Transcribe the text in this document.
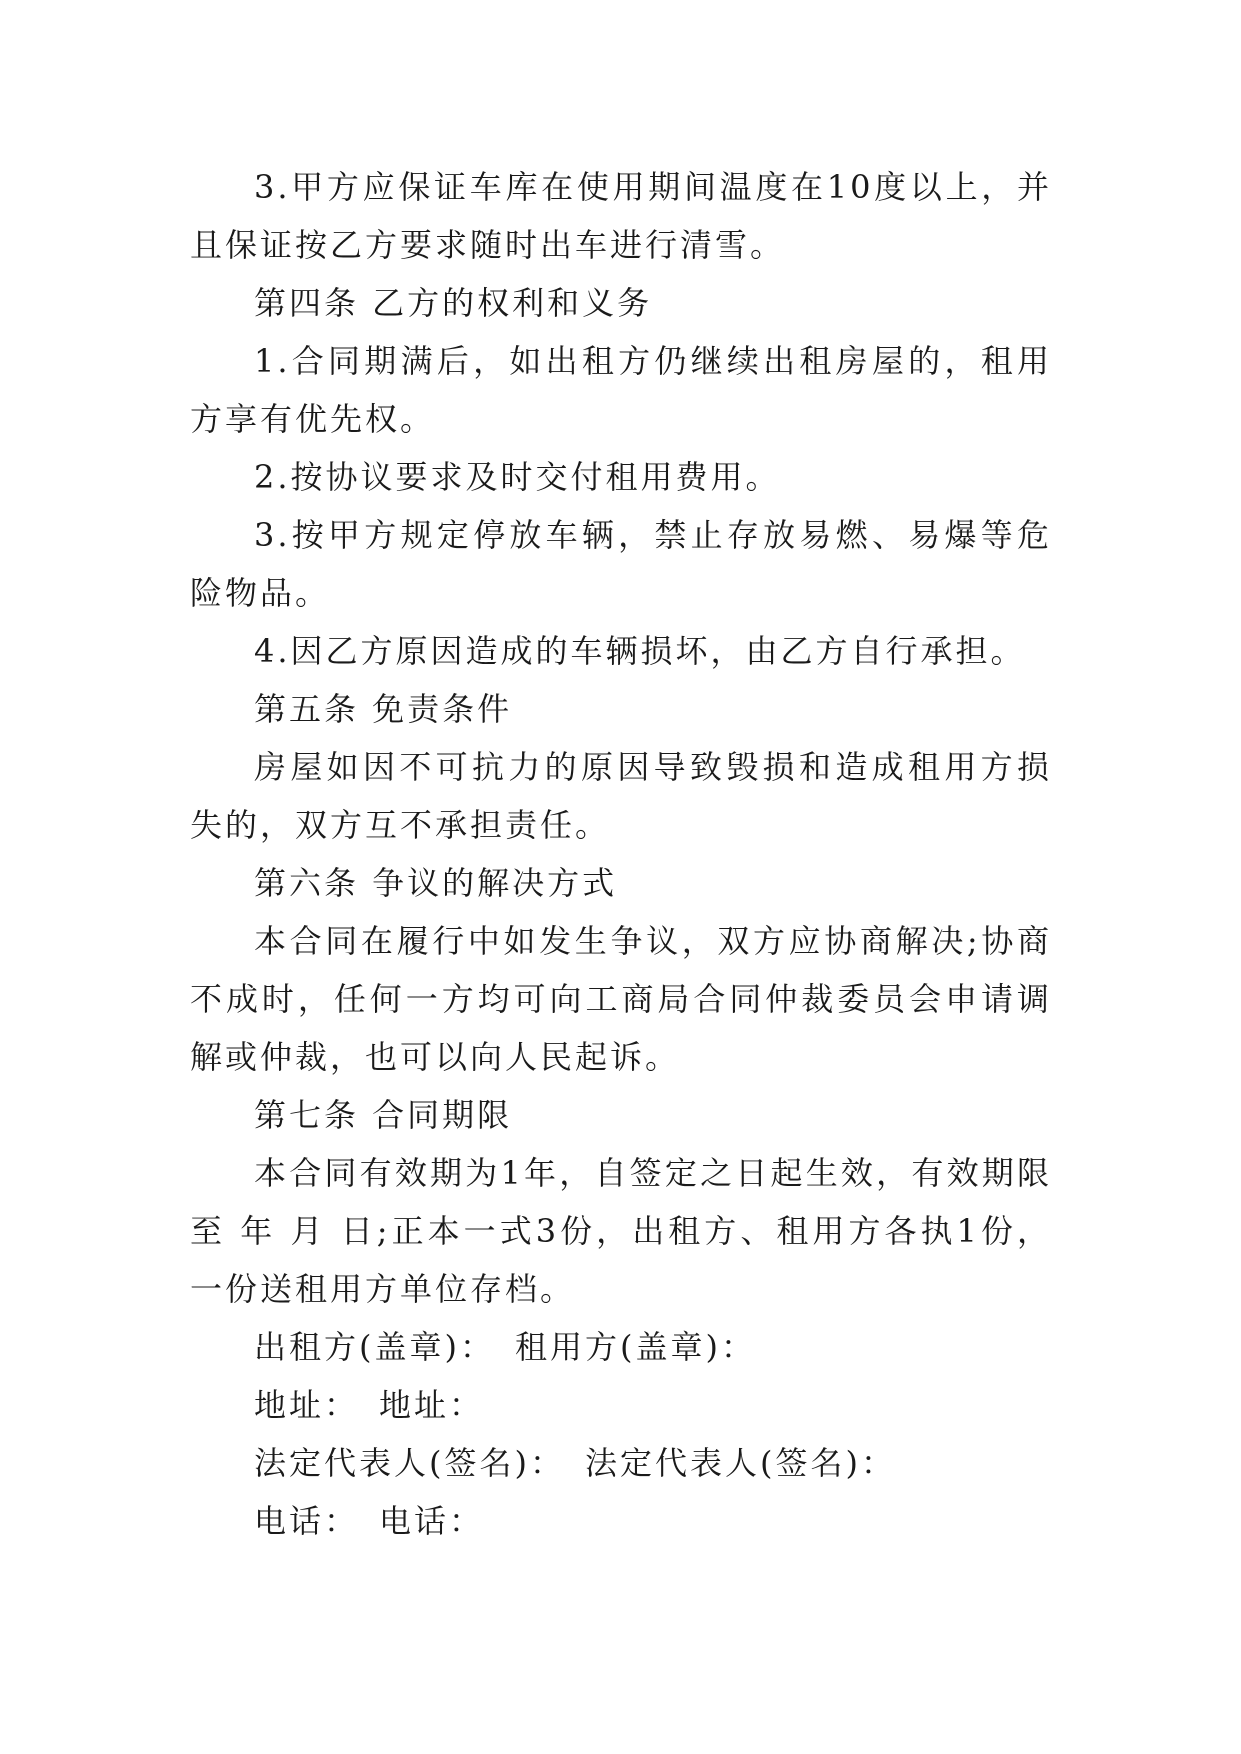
3.甲方应保证车库在使用期间温度在10度以上，并且保证按乙方要求随时出车进行清雪。

第四条 乙方的权利和义务

1.合同期满后，如出租方仍继续出租房屋的，租用方享有优先权。

2.按协议要求及时交付租用费用。

3.按甲方规定停放车辆，禁止存放易燃、易爆等危险物品。

4.因乙方原因造成的车辆损坏，由乙方自行承担。

第五条 免责条件

房屋如因不可抗力的原因导致毁损和造成租用方损失的，双方互不承担责任。

第六条 争议的解决方式

本合同在履行中如发生争议，双方应协商解决;协商不成时，任何一方均可向工商局合同仲裁委员会申请调解或仲裁，也可以向人民起诉。

第七条 合同期限

本合同有效期为1年，自签定之日起生效，有效期限至 年 月 日;正本一式3份，出租方、租用方各执1份，一份送租用方单位存档。

出租方(盖章)： 租用方(盖章)：

地址： 地址：

法定代表人(签名)： 法定代表人(签名)：

电话： 电话：
